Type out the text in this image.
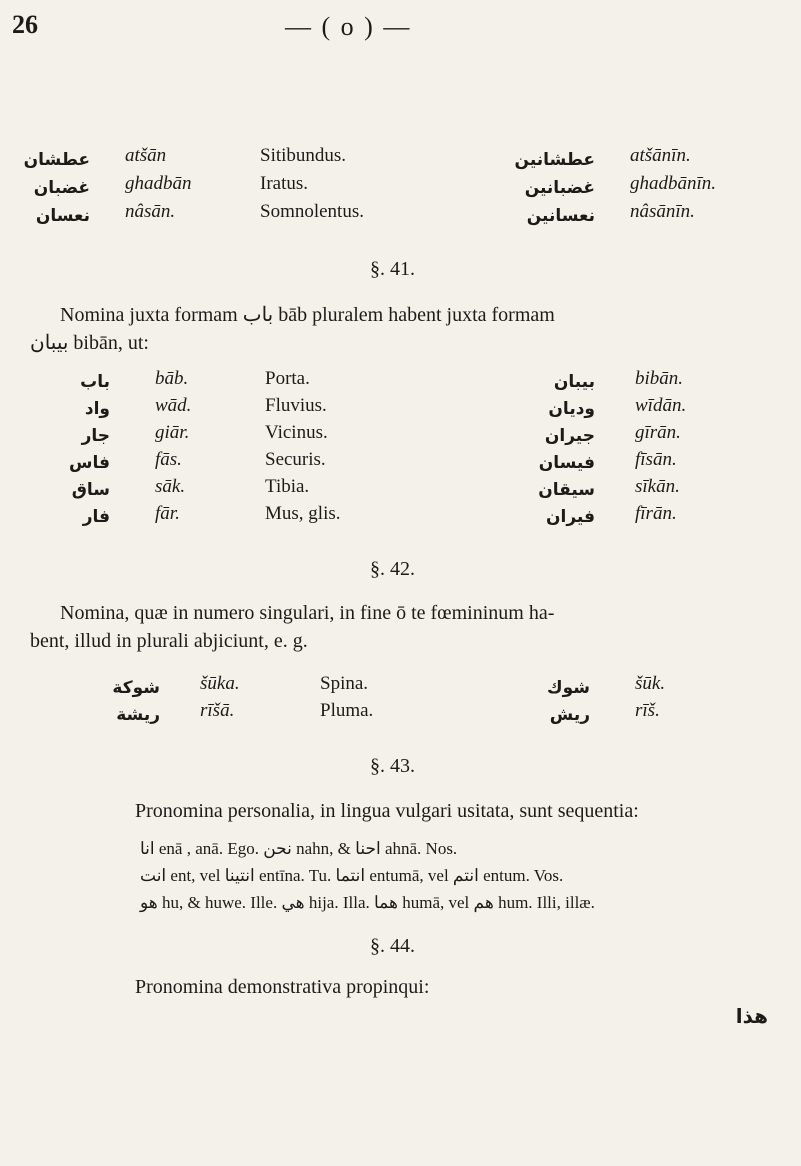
26	— ( o ) —
عطشان atšān	Sitibundus.	عطشانين atšānīn.
غضبان ghadbān	Iratus.	غضبانين ghadbānīn.
نعسان nâsān.	Somnolentus.	نعسانين nâsānīn.
§. 41.
Nomina juxta formam باب bāb pluralem habent juxta formam
بيبان bibān, ut:
باب bāb.	Porta.	بيبان bibān.
واد wād.	Fluvius.	وديان wīdān.
جار giār.	Vicinus.	جيران gīrān.
فاس fās.	Securis.	فيسان fīsān.
ساق sāk.	Tibia.	سيقان sīkān.
فار fār.	Mus, glis.	فيران fīrān.
§. 42.
Nomina, quæ in numero singulari, in fine ō te fœmininum ha-
bent, illud in plurali abjiciunt, e. g.
شوكة šūka.	Spina.	شوك šūk.
ريشة rīšā.	Pluma.	ريش rīš.
§. 43.
Pronomina personalia, in lingua vulgari usitata, sunt sequentia:
انا enā , anā. Ego. نحن nahn, & احنا ahnā. Nos.
انت ent, vel انتينا entīna. Tu. انتما entumā, vel انتم entum. Vos.
هو hu, & huwe. Ille. هي hija. Illa. هما humā, vel هم hum. Illi, illæ.
§. 44.
Pronomina demonstrativa propinqui:
هذا
